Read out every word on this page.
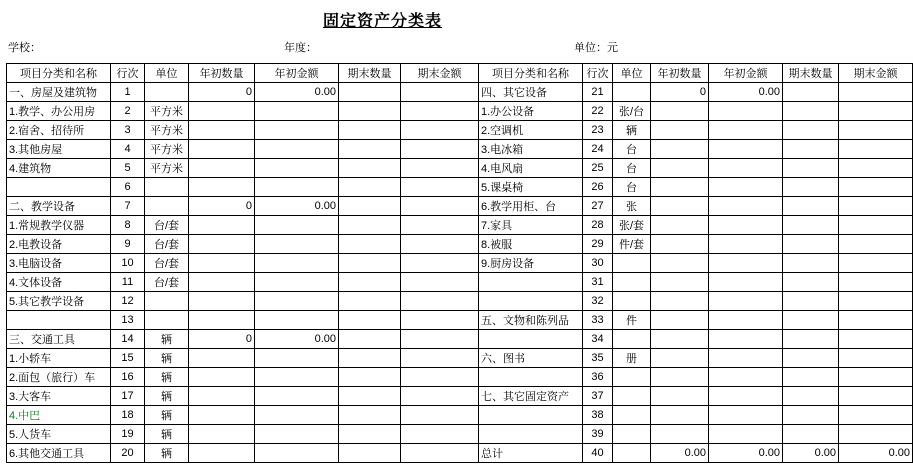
固定资产分类表
学校：	年度：	单位：元
项目分类和名称	行次	单位	年初数量	年初金额	期末数量	期末金额	项目分类和名称	行次	单位	年初数量	年初金额	期末数量	期末金额
一、房屋及建筑物	1		0	0.00			四、其它设备	21		0	0.00		
1.教学、办公用房	2	平方米					1.办公设备	22	张/台				
2.宿舍、招待所	3	平方米					2.空调机	23	辆				
3.其他房屋	4	平方米					3.电冰箱	24	台				
4.建筑物	5	平方米					4.电风扇	25	台				
	6						5.课桌椅	26	台				
二、教学设备	7		0	0.00			6.教学用柜、台	27	张				
1.常规教学仪器	8	台/套					7.家具	28	张/套				
2.电教设备	9	台/套					8.被服	29	件/套				
3.电脑设备	10	台/套					9.厨房设备	30					
4.文体设备	11	台/套						31					
5.其它教学设备	12							32					
	13						五、文物和陈列品	33	件				
三、交通工具	14	辆	0	0.00				34					
1.小轿车	15	辆					六、图书	35	册				
2.面包（旅行）车	16	辆						36					
3.大客车	17	辆					七、其它固定资产	37					
4.中巴	18	辆						38					
5.人货车	19	辆						39					
6.其他交通工具	20	辆					总计	40		0.00	0.00	0.00	0.00
